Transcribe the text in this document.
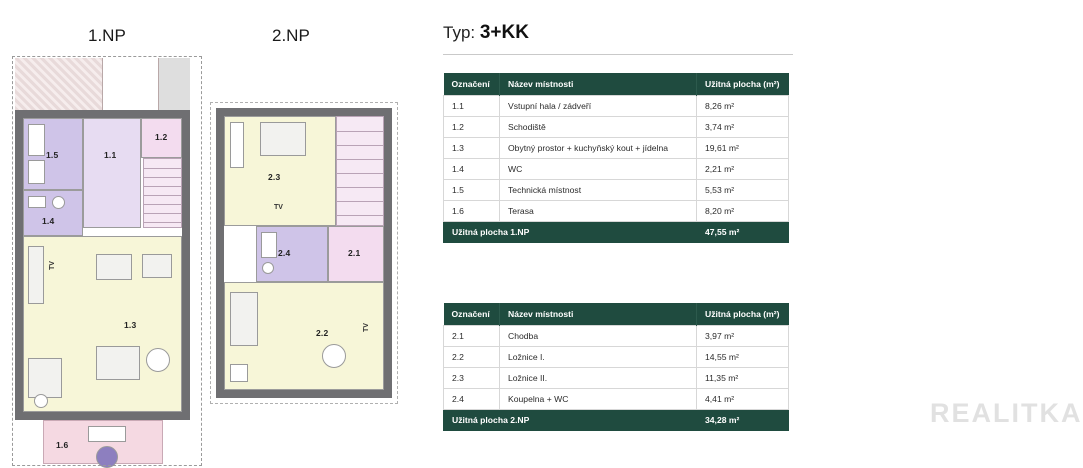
1.NP	2.NP
1.5	1.1
1.2
1.4
1.3
TV
1.6
2.3
TV
2.4	2.1
2.2
TV
Typ: 3+KK
Označení	Název místnosti	Užitná plocha (m²)
1.1	Vstupní hala / zádveří	8,26 m²
1.2	Schodiště	3,74 m²
1.3	Obytný prostor + kuchyňský kout + jídelna	19,61 m²
1.4	WC	2,21 m²
1.5	Technická místnost	5,53 m²
1.6	Terasa	8,20 m²
Užitná plocha 1.NP		47,55 m²
Označení	Název místnosti	Užitná plocha (m²)
2.1	Chodba	3,97 m²
2.2	Ložnice I.	14,55 m²
2.3	Ložnice II.	11,35 m²
2.4	Koupelna + WC	4,41 m²
Užitná plocha 2.NP		34,28 m²	REALITKA
